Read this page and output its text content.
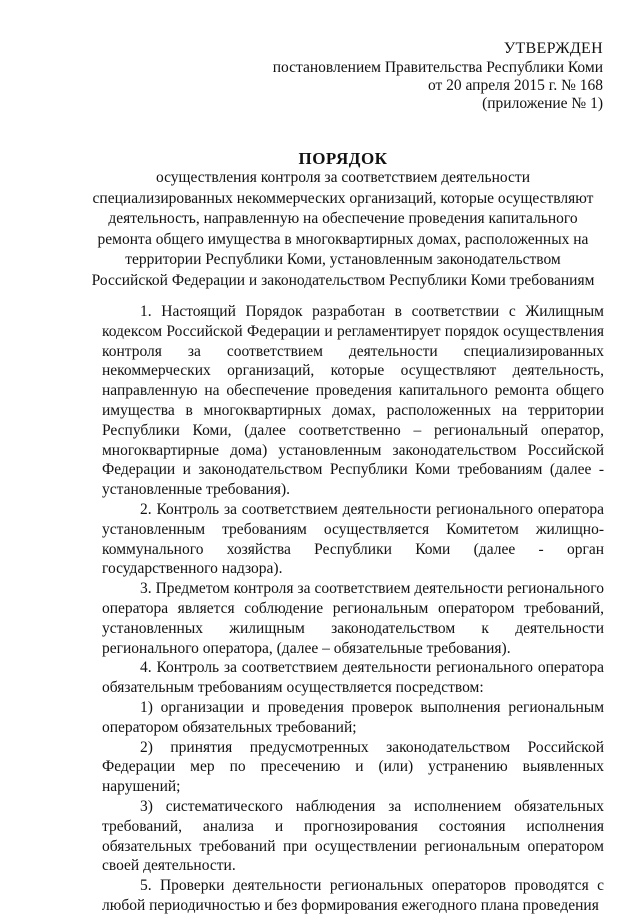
УТВЕРЖДЕН
постановлением Правительства Республики Коми
от 20 апреля 2015 г. № 168
(приложение № 1)
ПОРЯДОК
осуществления контроля за соответствием деятельности
специализированных некоммерческих организаций, которые осуществляют
деятельность, направленную на обеспечение проведения капитального
ремонта общего имущества в многоквартирных домах, расположенных на
территории Республики Коми, установленным законодательством
Российской Федерации и законодательством Республики Коми требованиям

1. Настоящий Порядок разработан в соответствии с Жилищным кодексом Российской Федерации и регламентирует порядок осуществления контроля за соответствием деятельности специализированных некоммерческих организаций, которые осуществляют деятельность, направленную на обеспечение проведения капитального ремонта общего имущества в многоквартирных домах, расположенных на территории Республики Коми, (далее соответственно – региональный оператор, многоквартирные дома) установленным законодательством Российской Федерации и законодательством Республики Коми требованиям (далее - установленные требования).

2. Контроль за соответствием деятельности регионального оператора установленным требованиям осуществляется Комитетом жилищно-коммунального хозяйства Республики Коми (далее - орган государственного надзора).

3. Предметом контроля за соответствием деятельности регионального оператора является соблюдение региональным оператором требований, установленных жилищным законодательством к деятельности регионального оператора, (далее – обязательные требования).

4. Контроль за соответствием деятельности регионального оператора обязательным требованиям осуществляется посредством:

1) организации и проведения проверок выполнения региональным оператором обязательных требований;

2) принятия предусмотренных законодательством Российской Федерации мер по пресечению и (или) устранению выявленных нарушений;

3) систематического наблюдения за исполнением обязательных требований, анализа и прогнозирования состояния исполнения обязательных требований при осуществлении региональным оператором своей деятельности.

5. Проверки деятельности региональных операторов проводятся с любой периодичностью и без формирования ежегодного плана проведения
